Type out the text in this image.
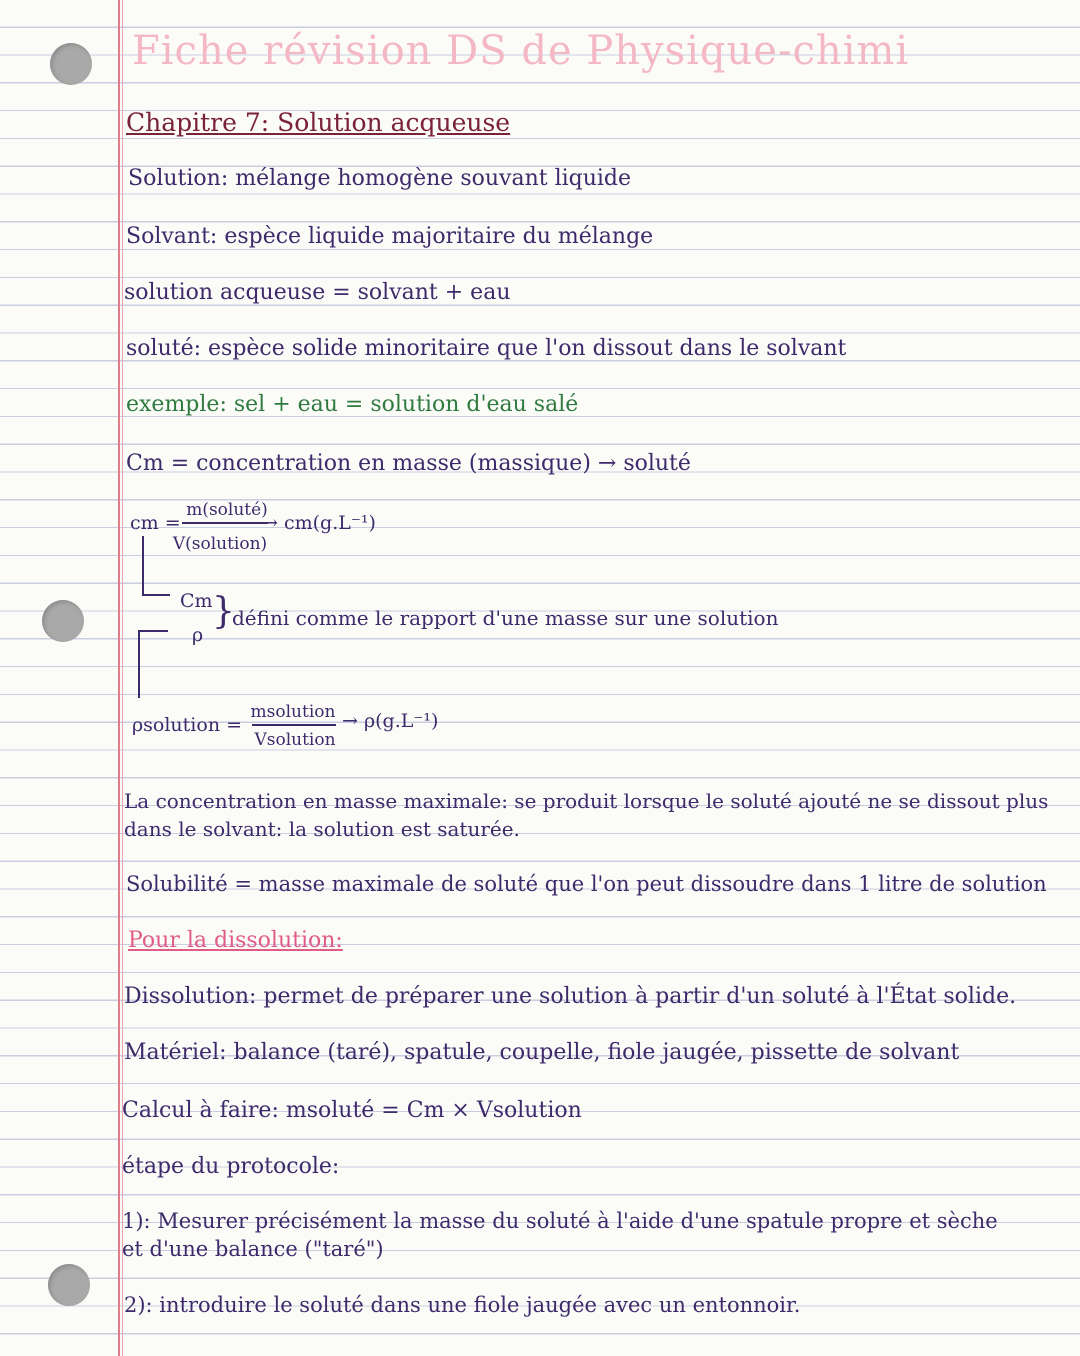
Fiche révision DS de Physique-chimi
Chapitre 7: Solution acqueuse
Solution: mélange homogène souvant liquide
Solvant: espèce liquide majoritaire du mélange
solution acqueuse = solvant + eau
soluté: espèce solide minoritaire que l'on dissout dans le solvant
exemple: sel + eau = solution d'eau salé
Cm = concentration en masse (massique) → soluté
cm =
m(soluté)
V(solution)
→ cm(g.L⁻¹)
Cm
ρ
}
défini comme le rapport d'une masse sur une solution
ρsolution =
msolution
Vsolution
→ ρ(g.L⁻¹)
La concentration en masse maximale: se produit lorsque le soluté ajouté ne se dissout plus
dans le solvant: la solution est saturée.
Solubilité = masse maximale de soluté que l'on peut dissoudre dans 1 litre de solution
Pour la dissolution:
Dissolution: permet de préparer une solution à partir d'un soluté à l'État solide.
Matériel: balance (taré), spatule, coupelle, fiole jaugée, pissette de solvant
Calcul à faire: msoluté = Cm × Vsolution
étape du protocole:
1): Mesurer précisément la masse du soluté à l'aide d'une spatule propre et sèche
et d'une balance ("taré")
2): introduire le soluté dans une fiole jaugée avec un entonnoir.
